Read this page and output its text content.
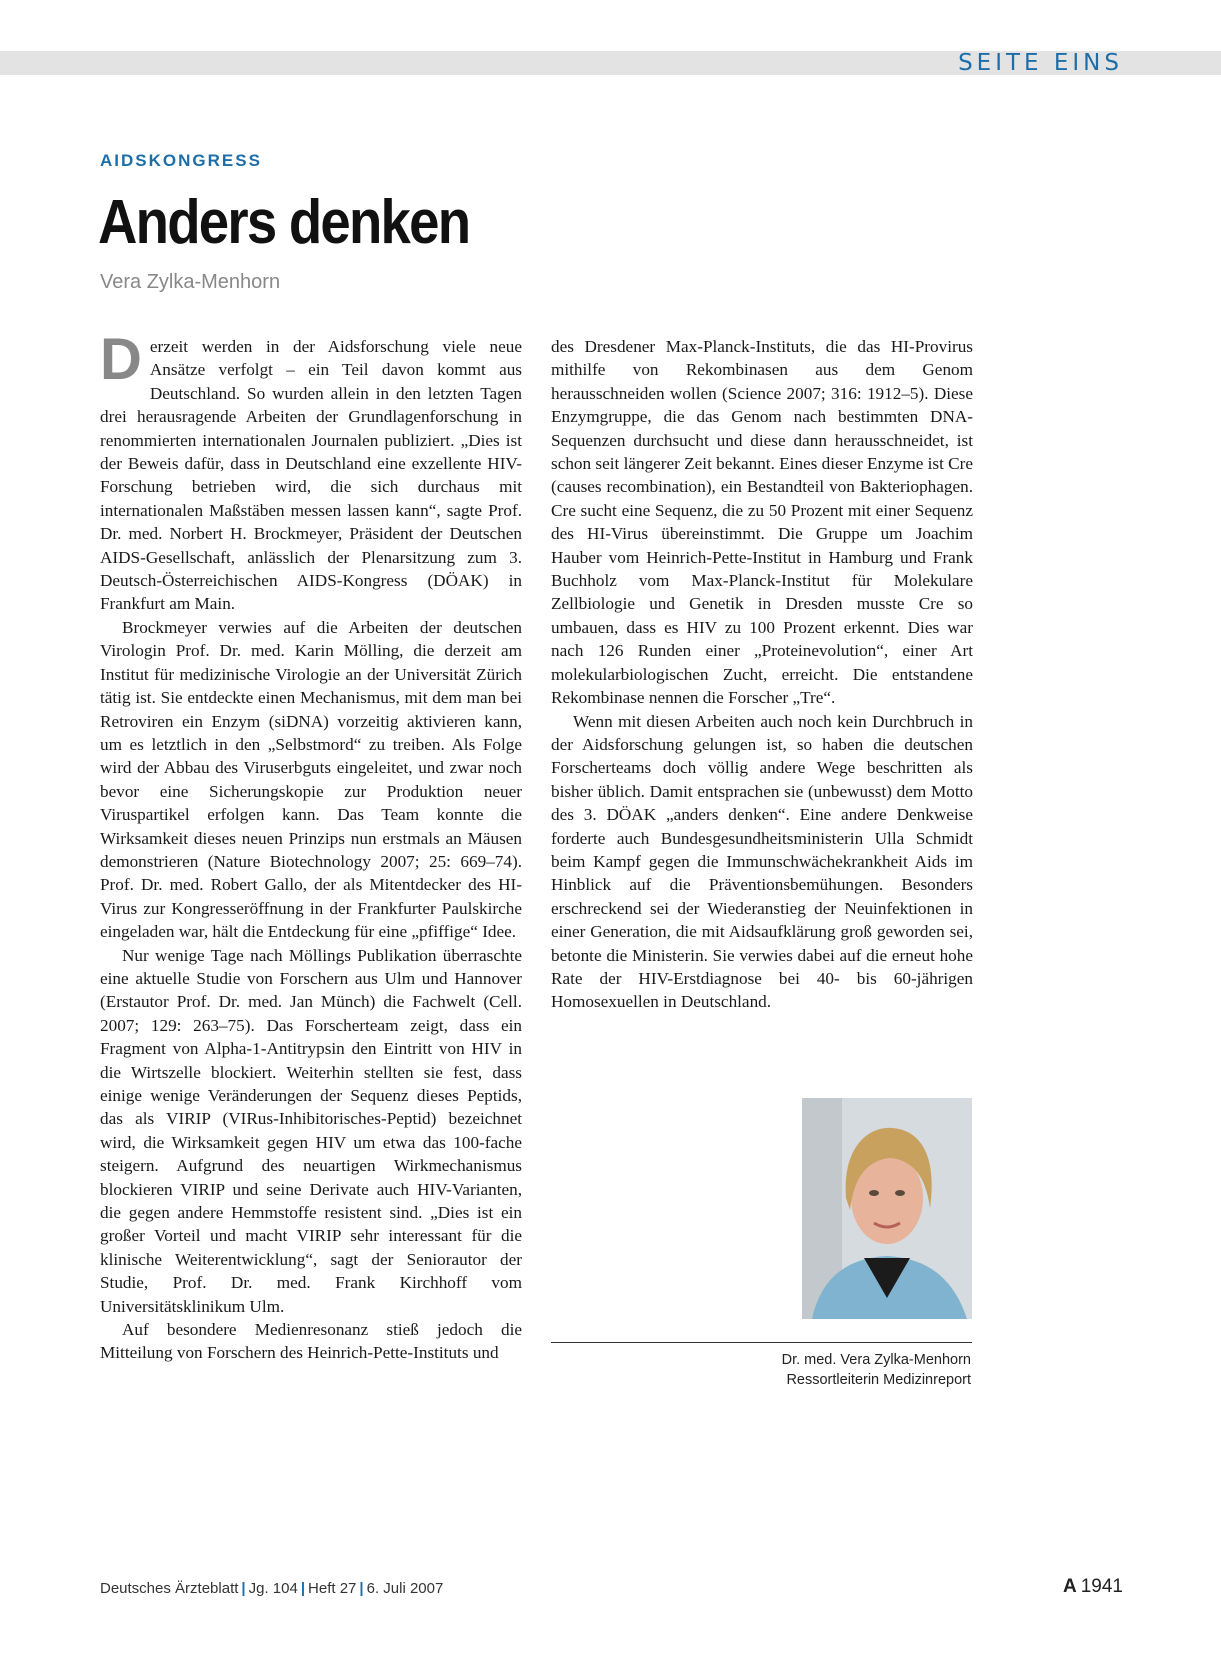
SEITE EINS
AIDSKONGRESS
Anders denken
Vera Zylka-Menhorn

Derzeit werden in der Aidsforschung viele neue Ansätze verfolgt – ein Teil davon kommt aus Deutschland. So wurden allein in den letzten Tagen drei herausragende Arbeiten der Grundlagenforschung in renommierten internationalen Journalen publiziert. „Dies ist der Beweis dafür, dass in Deutschland eine exzellente HIV-Forschung betrieben wird, die sich durchaus mit internationalen Maßstäben messen lassen kann“, sagte Prof. Dr. med. Norbert H. Brockmeyer, Präsident der Deutschen AIDS-Gesellschaft, anlässlich der Plenarsitzung zum 3. Deutsch-Österreichischen AIDS-Kongress (DÖAK) in Frankfurt am Main.

Brockmeyer verwies auf die Arbeiten der deutschen Virologin Prof. Dr. med. Karin Mölling, die derzeit am Institut für medizinische Virologie an der Universität Zürich tätig ist. Sie entdeckte einen Mechanismus, mit dem man bei Retroviren ein Enzym (siDNA) vorzeitig aktivieren kann, um es letztlich in den „Selbstmord“ zu treiben. Als Folge wird der Abbau des Viruserbguts eingeleitet, und zwar noch bevor eine Sicherungskopie zur Produktion neuer Viruspartikel erfolgen kann. Das Team konnte die Wirksamkeit dieses neuen Prinzips nun erstmals an Mäusen demonstrieren (Nature Biotechnology 2007; 25: 669–74). Prof. Dr. med. Robert Gallo, der als Mitentdecker des HI-Virus zur Kongresseröffnung in der Frankfurter Paulskirche eingeladen war, hält die Entdeckung für eine „pfiffige“ Idee.

Nur wenige Tage nach Möllings Publikation überraschte eine aktuelle Studie von Forschern aus Ulm und Hannover (Erstautor Prof. Dr. med. Jan Münch) die Fachwelt (Cell. 2007; 129: 263–75). Das Forscherteam zeigt, dass ein Fragment von Alpha-1-Antitrypsin den Eintritt von HIV in die Wirtszelle blockiert. Weiterhin stellten sie fest, dass einige wenige Veränderungen der Sequenz dieses Peptids, das als VIRIP (VIRus-Inhibitorisches-Peptid) bezeichnet wird, die Wirksamkeit gegen HIV um etwa das 100-fache steigern. Aufgrund des neuartigen Wirkmechanismus blockieren VIRIP und seine Derivate auch HIV-Varianten, die gegen andere Hemmstoffe resistent sind. „Dies ist ein großer Vorteil und macht VIRIP sehr interessant für die klinische Weiterentwicklung“, sagt der Seniorautor der Studie, Prof. Dr. med. Frank Kirchhoff vom Universitätsklinikum Ulm.

Auf besondere Medienresonanz stieß jedoch die Mitteilung von Forschern des Heinrich-Pette-Instituts und

des Dresdener Max-Planck-Instituts, die das HI-Provirus mithilfe von Rekombinasen aus dem Genom herausschneiden wollen (Science 2007; 316: 1912–5). Diese Enzymgruppe, die das Genom nach bestimmten DNA-Sequenzen durchsucht und diese dann herausschneidet, ist schon seit längerer Zeit bekannt. Eines dieser Enzyme ist Cre (causes recombination), ein Bestandteil von Bakteriophagen. Cre sucht eine Sequenz, die zu 50 Prozent mit einer Sequenz des HI-Virus übereinstimmt. Die Gruppe um Joachim Hauber vom Heinrich-Pette-Institut in Hamburg und Frank Buchholz vom Max-Planck-Institut für Molekulare Zellbiologie und Genetik in Dresden musste Cre so umbauen, dass es HIV zu 100 Prozent erkennt. Dies war nach 126 Runden einer „Proteinevolution“, einer Art molekularbiologischen Zucht, erreicht. Die entstandene Rekombinase nennen die Forscher „Tre“.

Wenn mit diesen Arbeiten auch noch kein Durchbruch in der Aidsforschung gelungen ist, so haben die deutschen Forscherteams doch völlig andere Wege beschritten als bisher üblich. Damit entsprachen sie (unbewusst) dem Motto des 3. DÖAK „anders denken“. Eine andere Denkweise forderte auch Bundesgesundheitsministerin Ulla Schmidt beim Kampf gegen die Immunschwächekrankheit Aids im Hinblick auf die Präventionsbemühungen. Besonders erschreckend sei der Wiederanstieg der Neuinfektionen in einer Generation, die mit Aidsaufklärung groß geworden sei, betonte die Ministerin. Sie verwies dabei auf die erneut hohe Rate der HIV-Erstdiagnose bei 40- bis 60-jährigen Homosexuellen in Deutschland.

Dr. med. Vera Zylka-Menhorn
Ressortleiterin Medizinreport
Deutsches Ärzteblatt | Jg. 104 | Heft 27 | 6. Juli 2007	A 1941
